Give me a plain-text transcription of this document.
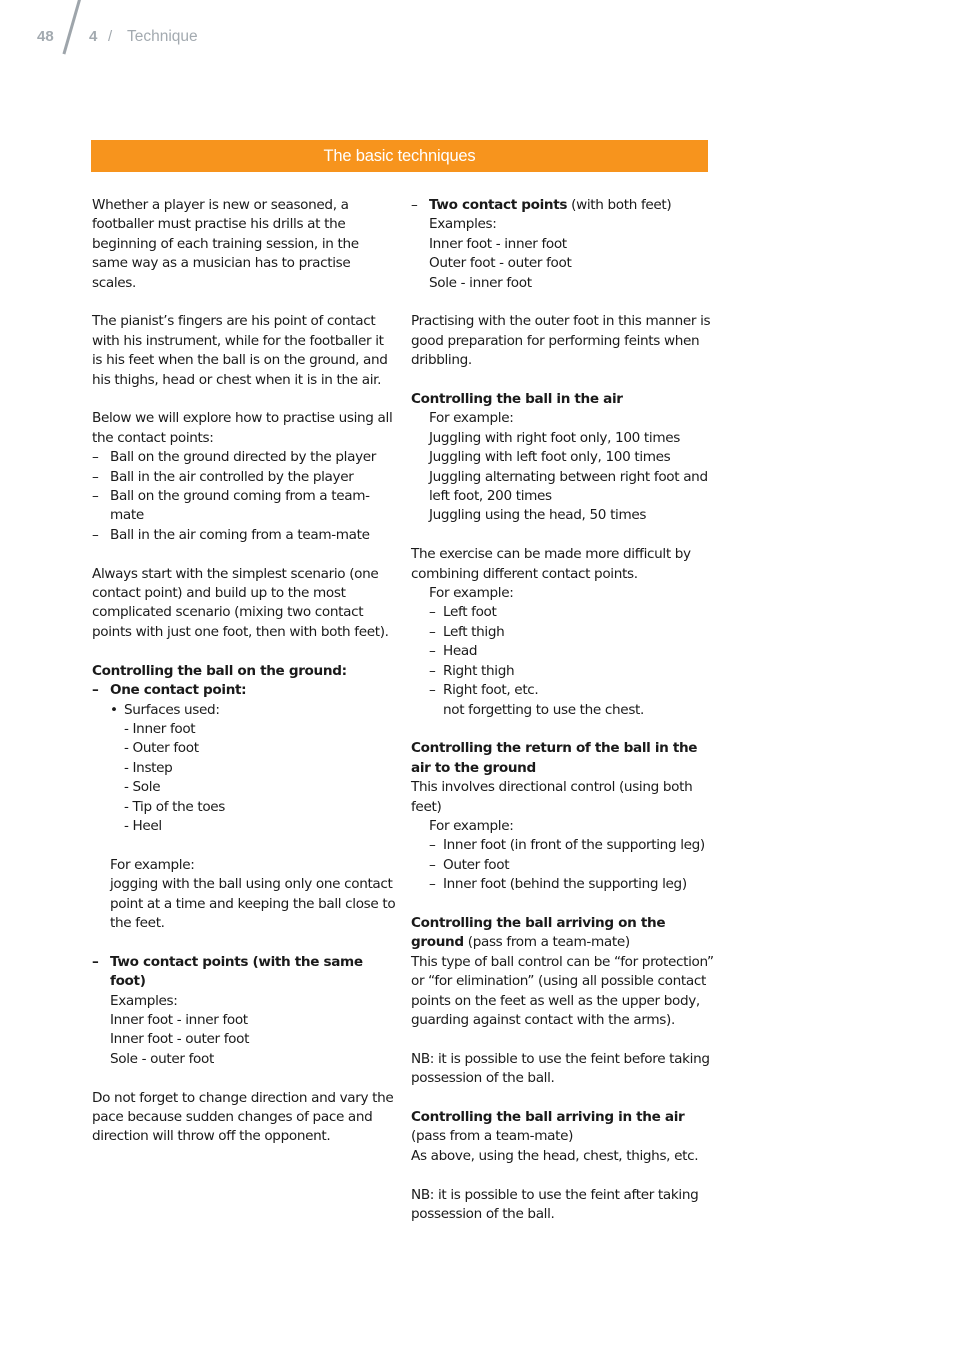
48 4 / Technique
The basic techniques

Whether a player is new or seasoned, a footballer must practise his drills at the beginning of each training session, in the same way as a musician has to practise scales.

The pianist’s fingers are his point of contact with his instrument, while for the footballer it is his feet when the ball is on the ground, and his thighs, head or chest when it is in the air.

Below we will explore how to practise using all the contact points:

– Ball on the ground directed by the player

– Ball in the air controlled by the player

– Ball on the ground coming from a team-mate

– Ball in the air coming from a team-mate

Always start with the simplest scenario (one contact point) and build up to the most complicated scenario (mixing two contact points with just one foot, then with both feet).

Controlling the ball on the ground:

– One contact point:

• Surfaces used:

- Inner foot

- Outer foot

- Instep

- Sole

- Tip of the toes

- Heel

For example:

jogging with the ball using only one contact point at a time and keeping the ball close to the feet.

– Two contact points (with the same foot)

Examples:

Inner foot - inner foot

Inner foot - outer foot

Sole - outer foot

Do not forget to change direction and vary the pace because sudden changes of pace and direction will throw off the opponent.

– Two contact points (with both feet)

Examples:

Inner foot - inner foot

Outer foot - outer foot

Sole - inner foot

Practising with the outer foot in this manner is good preparation for performing feints when dribbling.

Controlling the ball in the air

For example:

Juggling with right foot only, 100 times

Juggling with left foot only, 100 times

Juggling alternating between right foot and left foot, 200 times

Juggling using the head, 50 times

The exercise can be made more difficult by combining different contact points.

For example:

– Left foot

– Left thigh

– Head

– Right thigh

– Right foot, etc.

not forgetting to use the chest.

Controlling the return of the ball in the air to the ground

This involves directional control (using both feet)

For example:

– Inner foot (in front of the supporting leg)

– Outer foot

– Inner foot (behind the supporting leg)

Controlling the ball arriving on the ground (pass from a team-mate)

This type of ball control can be “for protection” or “for elimination” (using all possible contact points on the feet as well as the upper body, guarding against contact with the arms).

NB: it is possible to use the feint before taking possession of the ball.

Controlling the ball arriving in the air

(pass from a team-mate)

As above, using the head, chest, thighs, etc.

NB: it is possible to use the feint after taking possession of the ball.
